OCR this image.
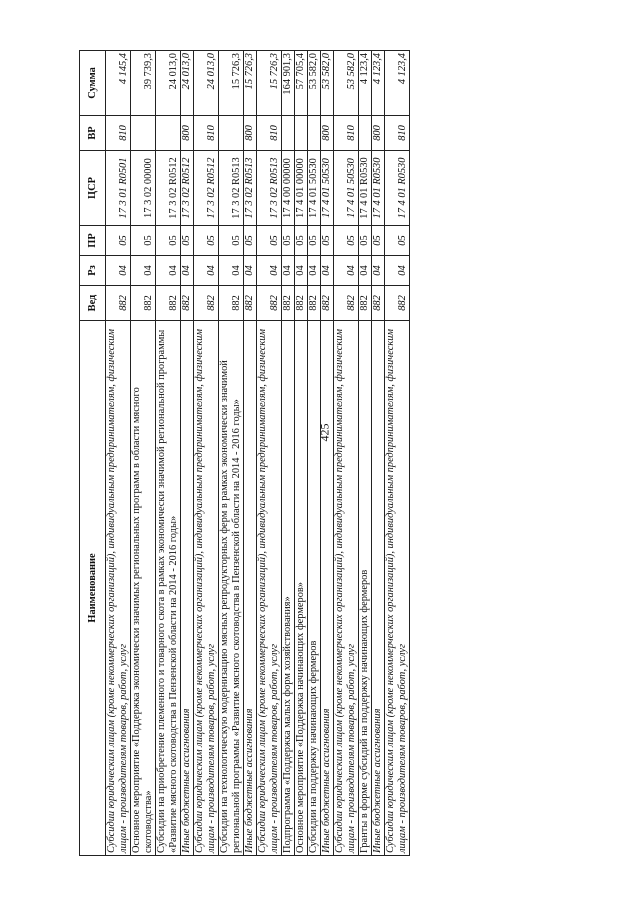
425
Наименование	Вед	Рз	ПР	ЦСР	ВР	Сумма
Субсидии юридическим лицам (кроме некоммерческих организаций), индивидуальным предпринимателям, физическим лицам - производителям товаров, работ, услуг	882	04	05	17 3 01 R0501	810	4 145,4
Основное мероприятие «Поддержка экономически значимых региональных программ в области мясного скотоводства»	882	04	05	17 3 02 00000		39 739,3
Субсидии на приобретение племенного и товарного скота в рамках экономически значимой региональной программы «Развитие мясного скотоводства в Пензенской области на 2014 - 2016 годы»	882	04	05	17 3 02 R0512		24 013,0
Иные бюджетные ассигнования	882	04	05	17 3 02 R0512	800	24 013,0
Субсидии юридическим лицам (кроме некоммерческих организаций), индивидуальным предпринимателям, физическим лицам - производителям товаров, работ, услуг	882	04	05	17 3 02 R0512	810	24 013,0
Субсидии на технологическую модернизацию мясных репродукторных ферм в рамках экономически значимой региональной программы «Развитие мясного скотоводства в Пензенской области на 2014 - 2016 годы»	882	04	05	17 3 02 R0513		15 726,3
Иные бюджетные ассигнования	882	04	05	17 3 02 R0513	800	15 726,3
Субсидии юридическим лицам (кроме некоммерческих организаций), индивидуальным предпринимателям, физическим лицам - производителям товаров, работ, услуг	882	04	05	17 3 02 R0513	810	15 726,3
Подпрограмма «Поддержка малых форм хозяйствования»	882	04	05	17 4 00 00000		164 901,3
Основное мероприятие «Поддержка начинающих фермеров»	882	04	05	17 4 01 00000		57 705,4
Субсидии на поддержку начинающих фермеров	882	04	05	17 4 01 50530		53 582,0
Иные бюджетные ассигнования	882	04	05	17 4 01 50530	800	53 582,0
Субсидии юридическим лицам (кроме некоммерческих организаций), индивидуальным предпринимателям, физическим лицам - производителям товаров, работ, услуг	882	04	05	17 4 01 50530	810	53 582,0
Гранты в форме субсидий на поддержку начинающих фермеров	882	04	05	17 4 01 R0530		4 123,4
Иные бюджетные ассигнования	882	04	05	17 4 01 R0530	800	4 123,4
Субсидии юридическим лицам (кроме некоммерческих организаций), индивидуальным предпринимателям, физическим лицам - производителям товаров, работ, услуг	882	04	05	17 4 01 R0530	810	4 123,4
